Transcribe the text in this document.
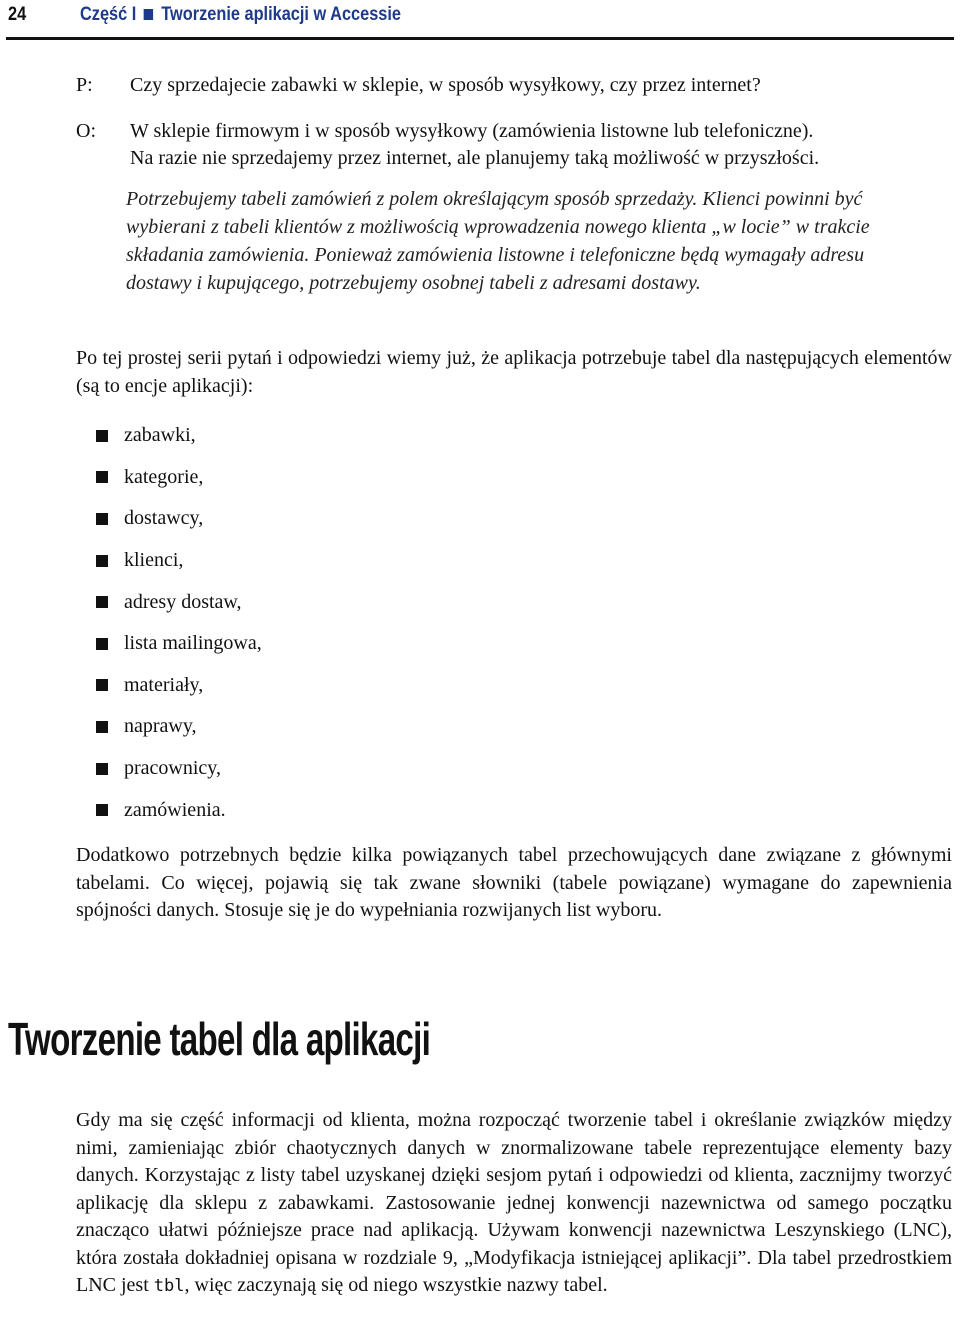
24	Część I Tworzenie aplikacji w Accessie
P: Czy sprzedajecie zabawki w sklepie, w sposób wysyłkowy, czy przez internet?
O: W sklepie firmowym i w sposób wysyłkowy (zamówienia listowne lub telefoniczne).
Na razie nie sprzedajemy przez internet, ale planujemy taką możliwość w przyszłości.
Potrzebujemy tabeli zamówień z polem określającym sposób sprzedaży. Klienci powinni być wybierani z tabeli klientów z możliwością wprowadzenia nowego klienta „w locie” w trakcie składania zamówienia. Ponieważ zamówienia listowne i telefoniczne będą wymagały adresu dostawy i kupującego, potrzebujemy osobnej tabeli z adresami dostawy.
Po tej prostej serii pytań i odpowiedzi wiemy już, że aplikacja potrzebuje tabel dla następujących elementów (są to encje aplikacji):
zabawki,
kategorie,
dostawcy,
klienci,
adresy dostaw,
lista mailingowa,
materiały,
naprawy,
pracownicy,
zamówienia.
Dodatkowo potrzebnych będzie kilka powiązanych tabel przechowujących dane związane z głównymi tabelami. Co więcej, pojawią się tak zwane słowniki (tabele powiązane) wymagane do zapewnienia spójności danych. Stosuje się je do wypełniania rozwijanych list wyboru.
Tworzenie tabel dla aplikacji
Gdy ma się część informacji od klienta, można rozpocząć tworzenie tabel i określanie związków między nimi, zamieniając zbiór chaotycznych danych w znormalizowane tabele reprezentujące elementy bazy danych. Korzystając z listy tabel uzyskanej dzięki sesjom pytań i odpowiedzi od klienta, zacznijmy tworzyć aplikację dla sklepu z zabawkami. Zastosowanie jednej konwencji nazewnictwa od samego początku znacząco ułatwi późniejsze prace nad aplikacją. Używam konwencji nazewnictwa Leszynskiego (LNC), która została dokładniej opisana w rozdziale 9, „Modyfikacja istniejącej aplikacji”. Dla tabel przedrostkiem LNC jest tbl, więc zaczynają się od niego wszystkie nazwy tabel.
